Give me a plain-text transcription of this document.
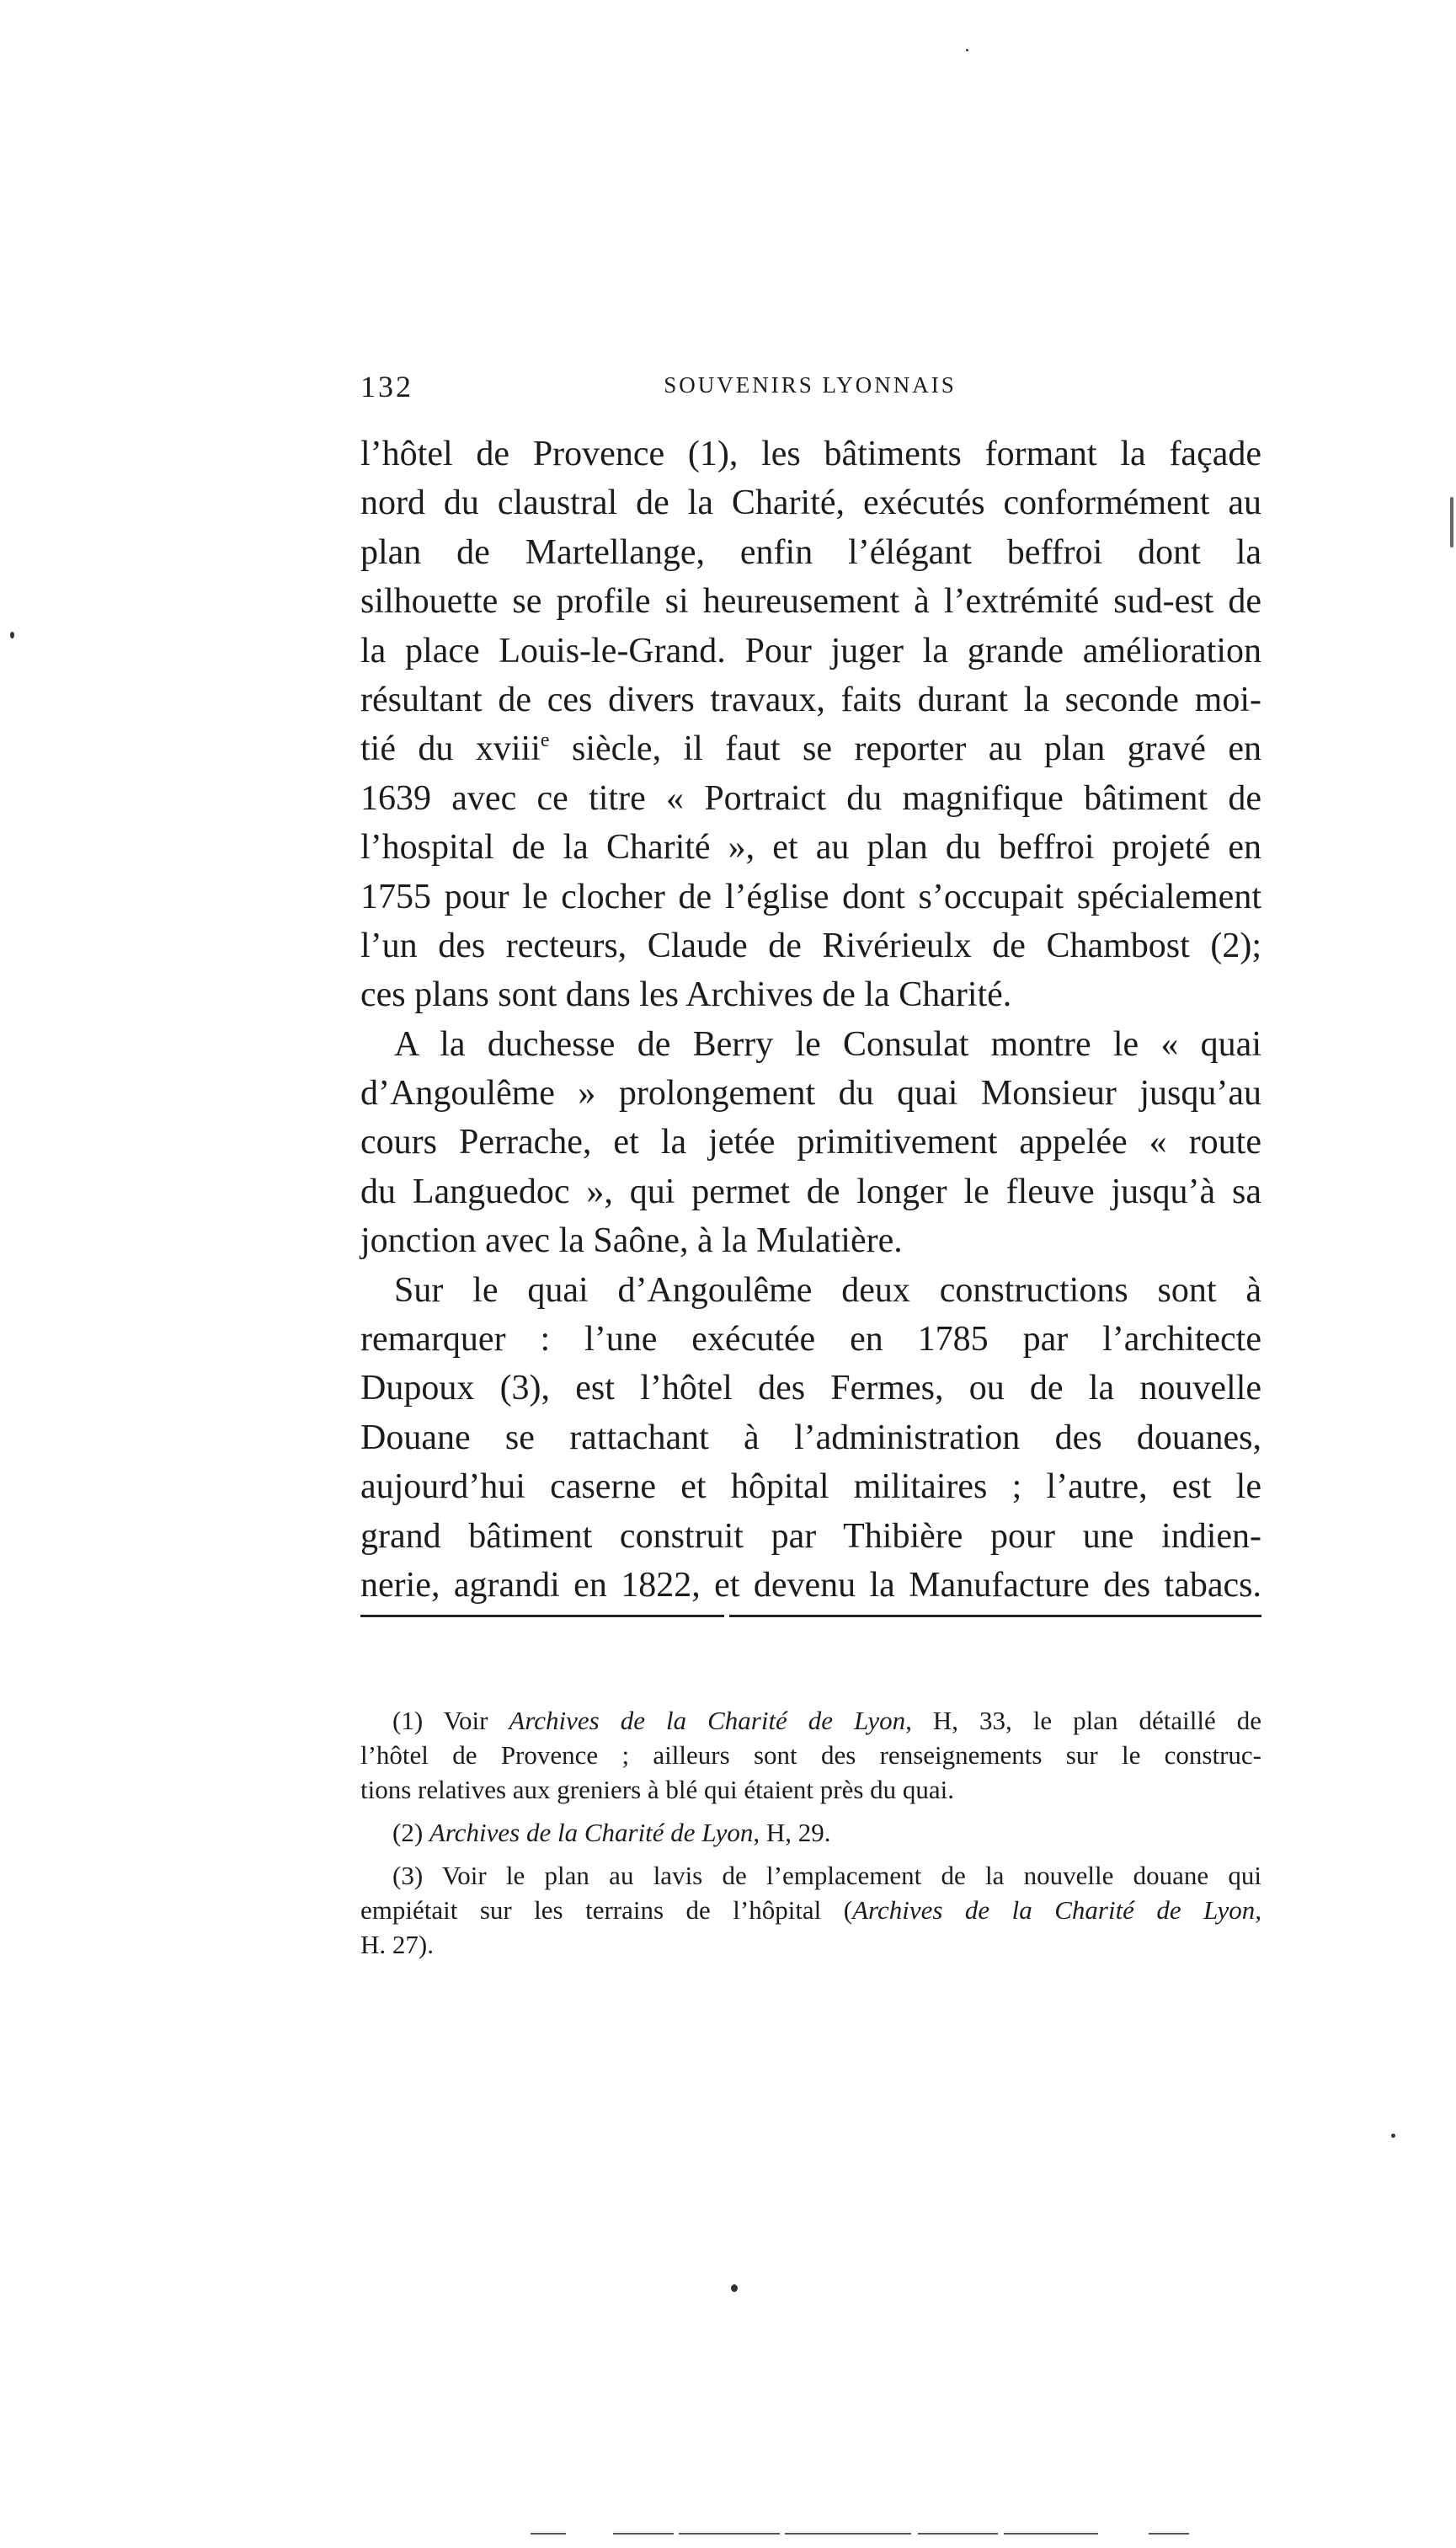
132	SOUVENIRS LYONNAIS
l’hôtel de Provence (1), les bâtiments formant la façade
nord du claustral de la Charité, exécutés conformément au
plan de Martellange, enfin l’élégant beffroi dont la
silhouette se profile si heureusement à l’extrémité sud-est de
la place Louis-le-Grand. Pour juger la grande amélioration
résultant de ces divers travaux, faits durant la seconde moi-
tié du xviii$^e$ siècle, il faut se reporter au plan gravé en
1639 avec ce titre « Portraict du magnifique bâtiment de
l’hospital de la Charité », et au plan du beffroi projeté en
1755 pour le clocher de l’église dont s’occupait spécialement
l’un des recteurs, Claude de Rivérieulx de Chambost (2);
ces plans sont dans les Archives de la Charité.
A la duchesse de Berry le Consulat montre le « quai
d’Angoulême » prolongement du quai Monsieur jusqu’au
cours Perrache, et la jetée primitivement appelée « route
du Languedoc », qui permet de longer le fleuve jusqu’à sa
jonction avec la Saône, à la Mulatière.
Sur le quai d’Angoulême deux constructions sont à
remarquer : l’une exécutée en 1785 par l’architecte
Dupoux (3), est l’hôtel des Fermes, ou de la nouvelle
Douane se rattachant à l’administration des douanes,
aujourd’hui caserne et hôpital militaires ; l’autre, est le
grand bâtiment construit par Thibière pour une indien-
nerie, agrandi en 1822, et devenu la Manufacture des tabacs.
(1) Voir Archives de la Charité de Lyon, H, 33, le plan détaillé de
l’hôtel de Provence ; ailleurs sont des renseignements sur le construc-
tions relatives aux greniers à blé qui étaient près du quai.
(2) Archives de la Charité de Lyon, H, 29.
(3) Voir le plan au lavis de l’emplacement de la nouvelle douane qui
empiétait sur les terrains de l’hôpital (Archives de la Charité de Lyon,
H. 27).
